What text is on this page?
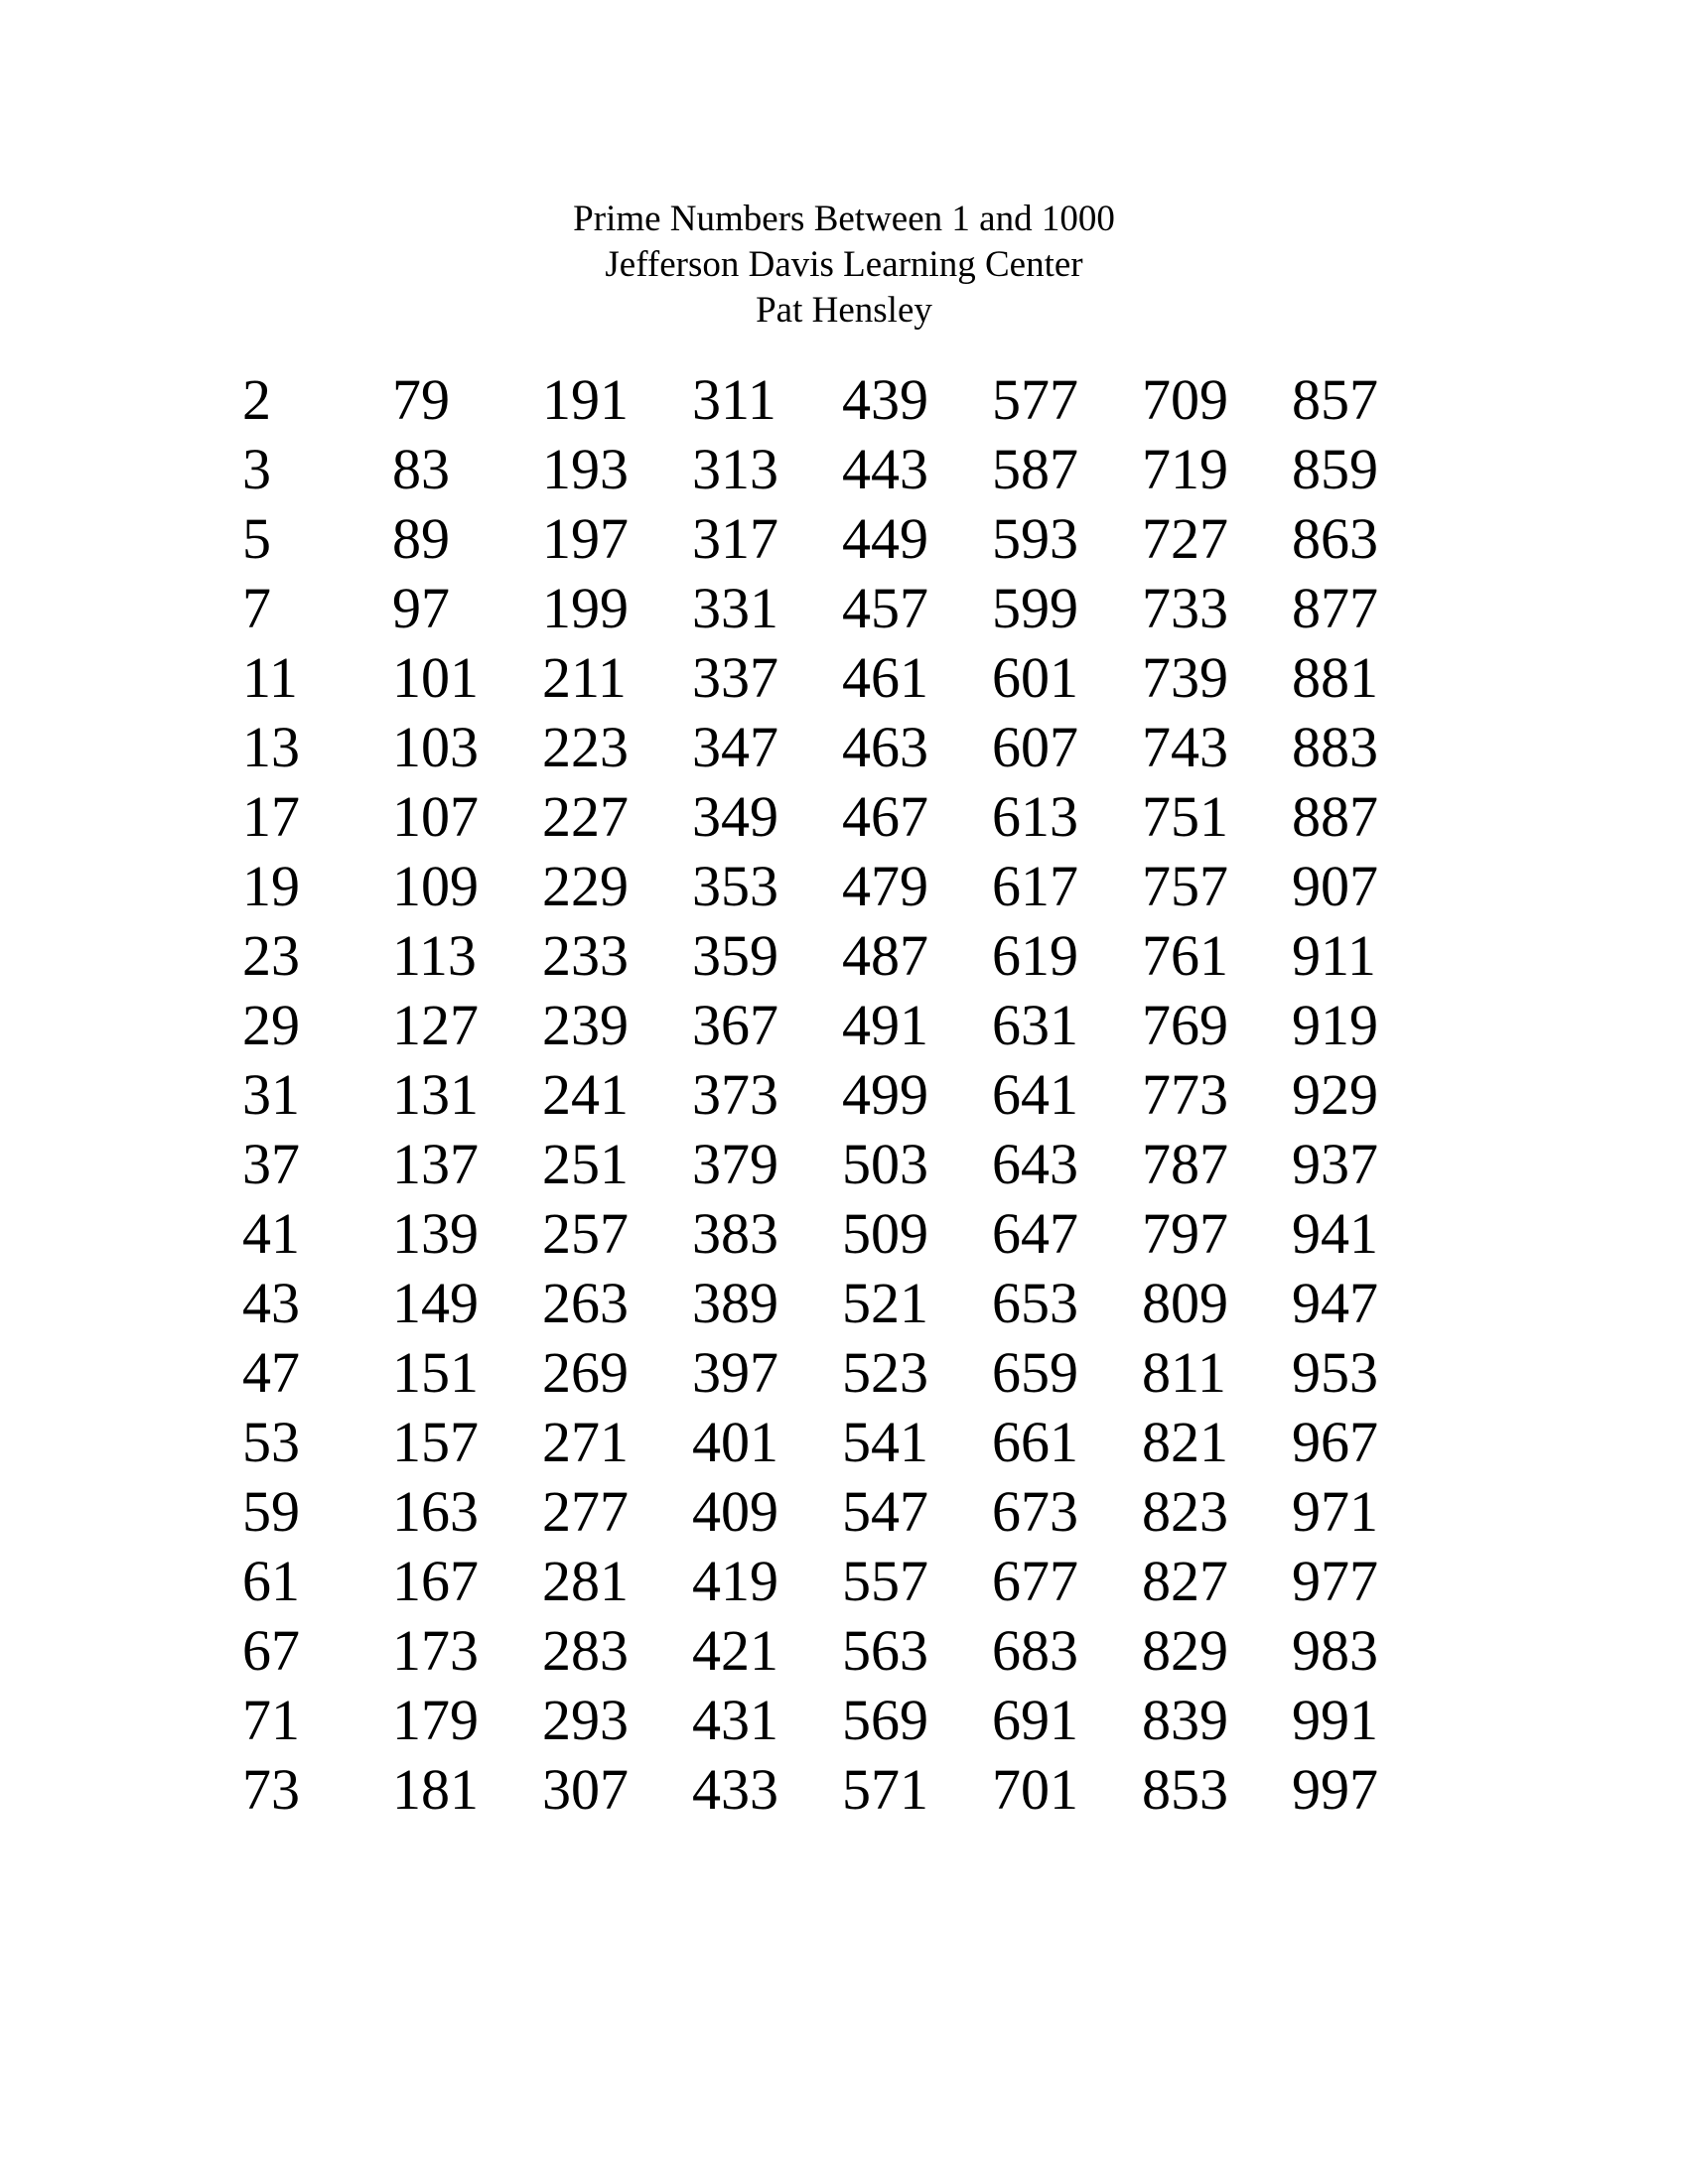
Prime Numbers Between 1 and 1000
Jefferson Davis Learning Center
Pat Hensley
2	79	191	311	439	577	709	857
3	83	193	313	443	587	719	859
5	89	197	317	449	593	727	863
7	97	199	331	457	599	733	877
11	101	211	337	461	601	739	881
13	103	223	347	463	607	743	883
17	107	227	349	467	613	751	887
19	109	229	353	479	617	757	907
23	113	233	359	487	619	761	911
29	127	239	367	491	631	769	919
31	131	241	373	499	641	773	929
37	137	251	379	503	643	787	937
41	139	257	383	509	647	797	941
43	149	263	389	521	653	809	947
47	151	269	397	523	659	811	953
53	157	271	401	541	661	821	967
59	163	277	409	547	673	823	971
61	167	281	419	557	677	827	977
67	173	283	421	563	683	829	983
71	179	293	431	569	691	839	991
73	181	307	433	571	701	853	997
